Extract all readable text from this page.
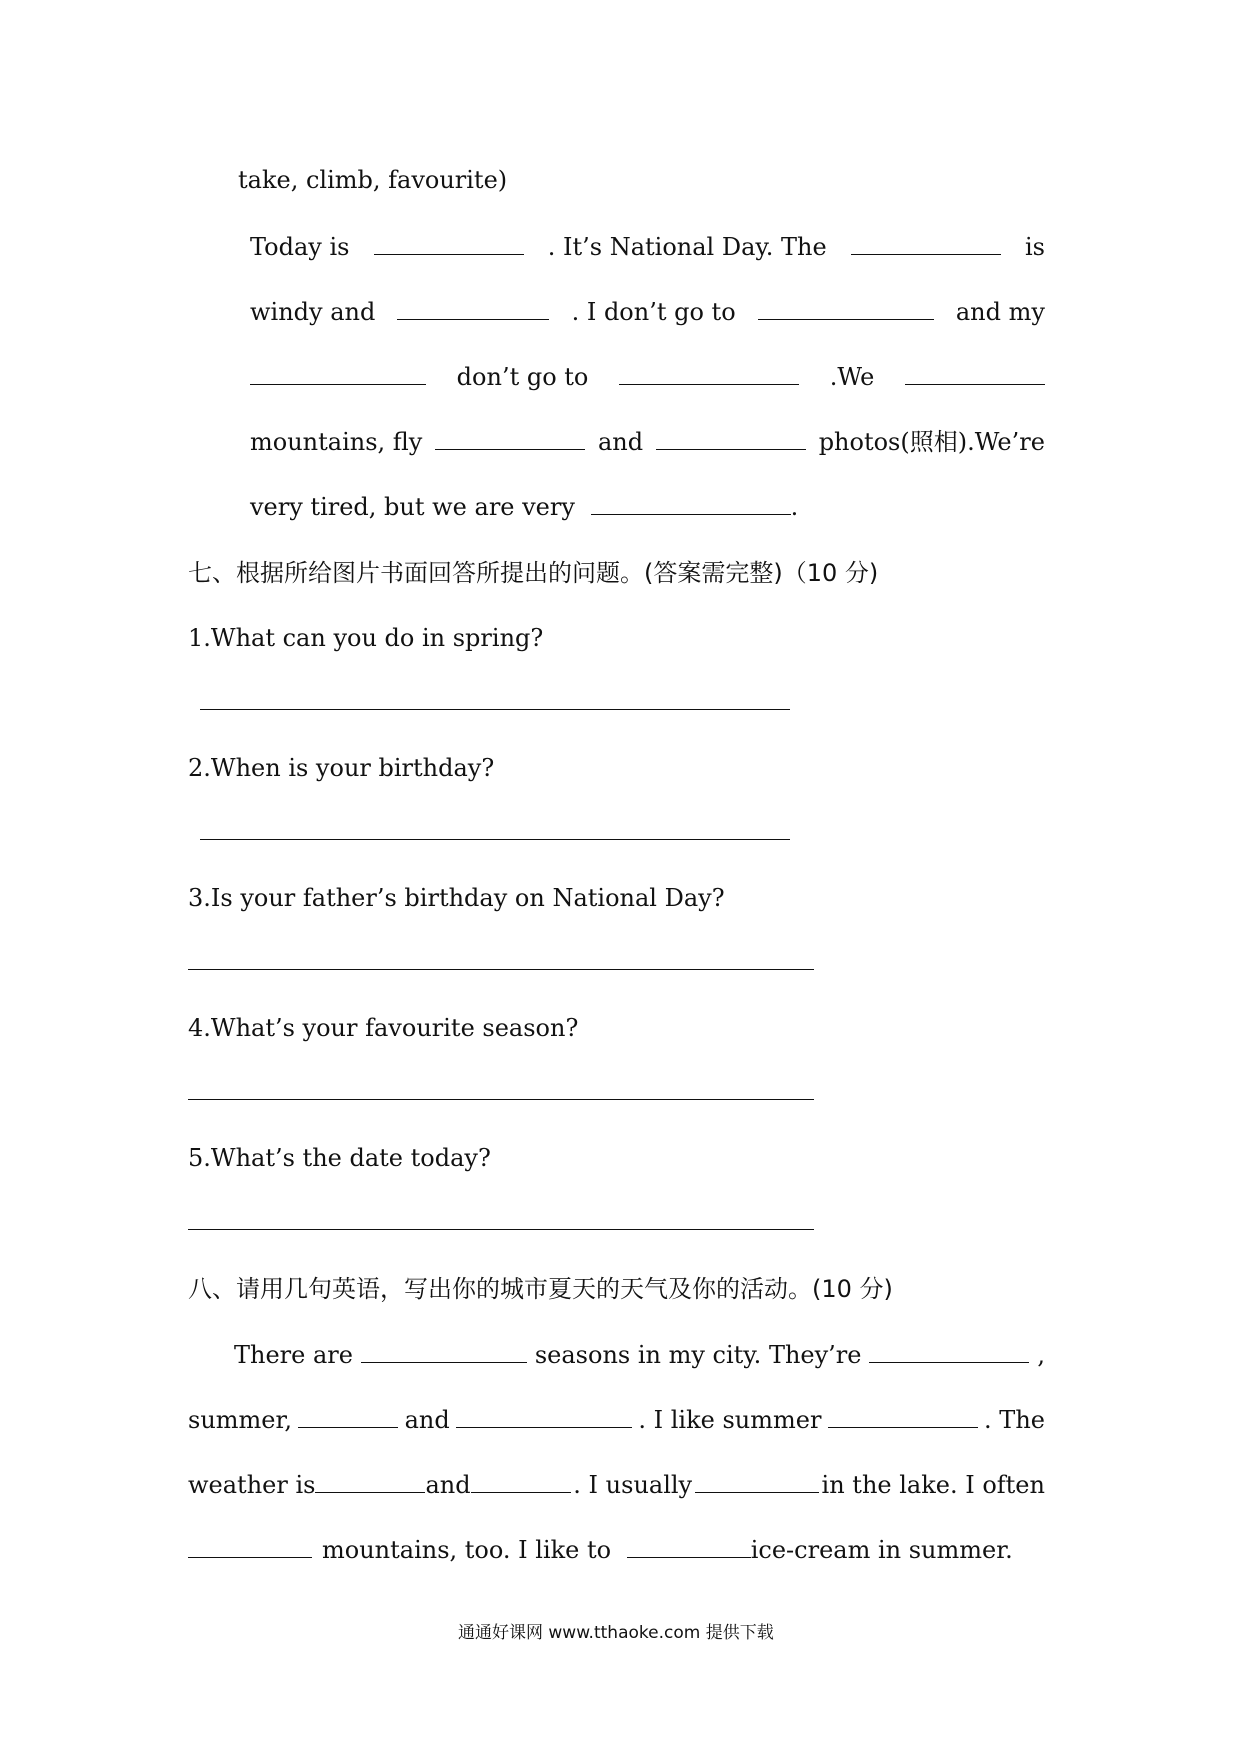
take, climb, favourite)
Today is	. It’s National Day. The	is
windy and	. I don’t go to	and my
don’t go to	.We
mountains, fly	and	photos(照相).We’re
very tired, but we are very	.
七、根据所给图片书面回答所提出的问题。(答案需完整)（10 分)
1.What can you do in spring?
2.When is your birthday?
3.Is your father’s birthday on National Day?
4.What’s your favourite season?
5.What’s the date today?
八、请用几句英语，写出你的城市夏天的天气及你的活动。(10 分)
There are	seasons in my city. They’re	,
summer,	and	. I like summer	. The
weather is	and	. I usually	in the lake. I often
mountains, too. I like to	ice-cream in summer.
通通好课网 www.tthaoke.com 提供下载
